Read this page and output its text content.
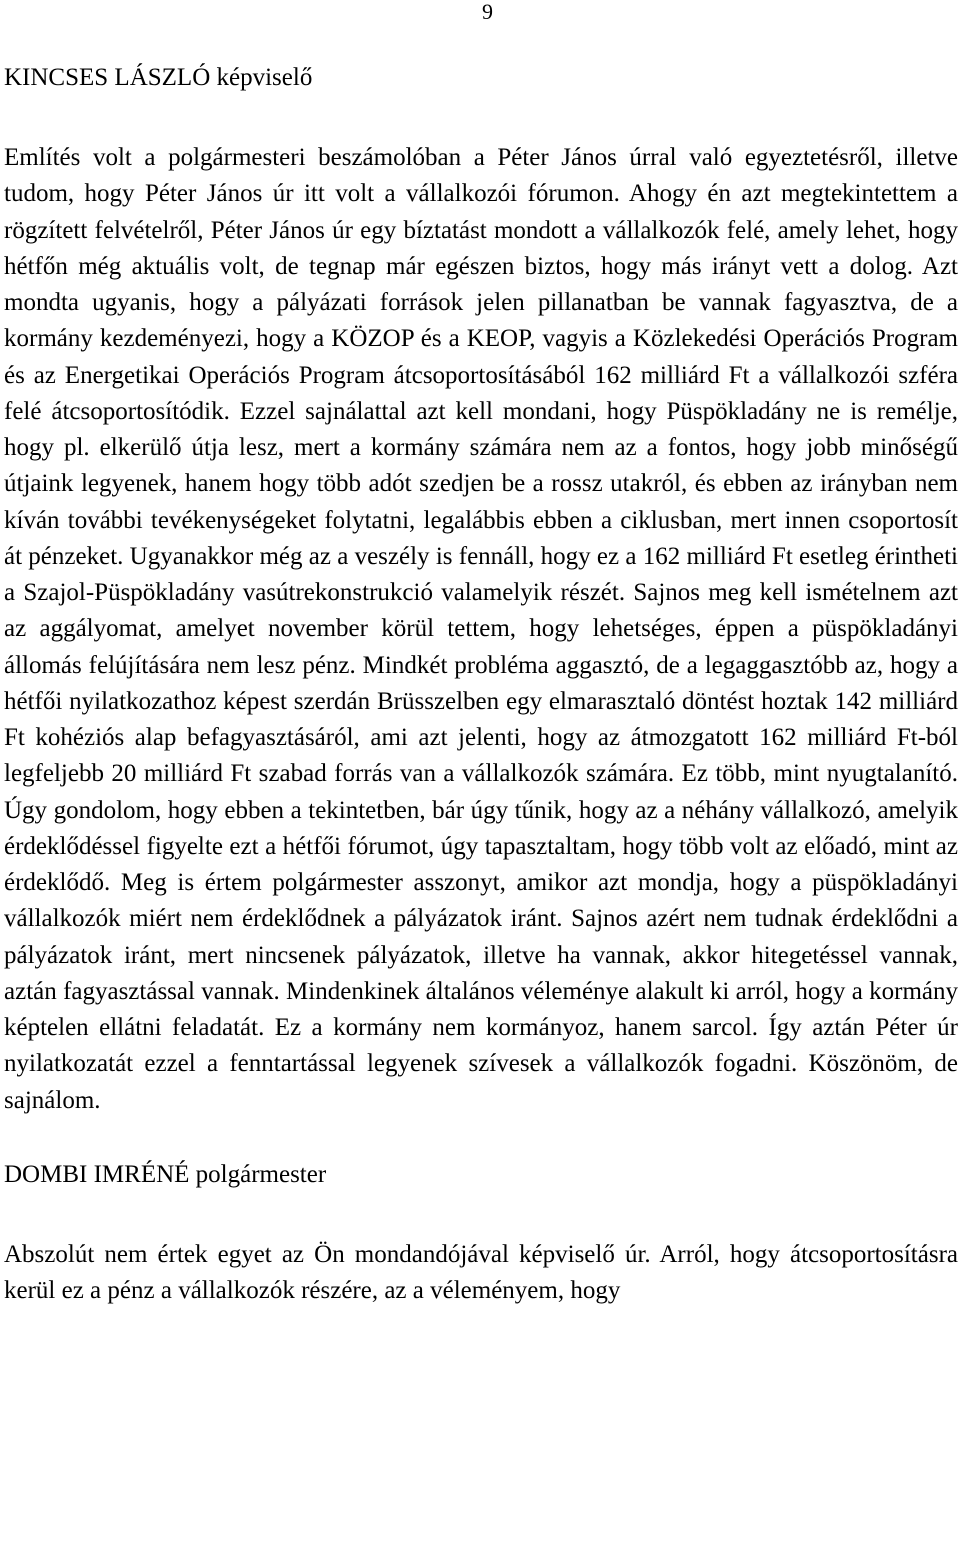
9

KINCSES LÁSZLÓ képviselő

Említés volt a polgármesteri beszámolóban a Péter János úrral való egyeztetésről, illetve tudom, hogy Péter János úr itt volt a vállalkozói fórumon. Ahogy én azt megtekintettem a rögzített felvételről, Péter János úr egy bíztatást mondott a vállalkozók felé, amely lehet, hogy hétfőn még aktuális volt, de tegnap már egészen biztos, hogy más irányt vett a dolog. Azt mondta ugyanis, hogy a pályázati források jelen pillanatban be vannak fagyasztva, de a kormány kezdeményezi, hogy a KÖZOP és a KEOP, vagyis a Közlekedési Operációs Program és az Energetikai Operációs Program átcsoportosításából 162 milliárd Ft a vállalkozói szféra felé átcsoportosítódik. Ezzel sajnálattal azt kell mondani, hogy Püspökladány ne is remélje, hogy pl. elkerülő útja lesz, mert a kormány számára nem az a fontos, hogy jobb minőségű útjaink legyenek, hanem hogy több adót szedjen be a rossz utakról, és ebben az irányban nem kíván további tevékenységeket folytatni, legalábbis ebben a ciklusban, mert innen csoportosít át pénzeket. Ugyanakkor még az a veszély is fennáll, hogy ez a 162 milliárd Ft esetleg érintheti a Szajol-Püspökladány vasútrekonstrukció valamelyik részét. Sajnos meg kell ismételnem azt az aggályomat, amelyet november körül tettem, hogy lehetséges, éppen a püspökladányi állomás felújítására nem lesz pénz. Mindkét probléma aggasztó, de a legaggasztóbb az, hogy a hétfői nyilatkozathoz képest szerdán Brüsszelben egy elmarasztaló döntést hoztak 142 milliárd Ft kohéziós alap befagyasztásáról, ami azt jelenti, hogy az átmozgatott 162 milliárd Ft-ból legfeljebb 20 milliárd Ft szabad forrás van a vállalkozók számára. Ez több, mint nyugtalanító. Úgy gondolom, hogy ebben a tekintetben, bár úgy tűnik, hogy az a néhány vállalkozó, amelyik érdeklődéssel figyelte ezt a hétfői fórumot, úgy tapasztaltam, hogy több volt az előadó, mint az érdeklődő. Meg is értem polgármester asszonyt, amikor azt mondja, hogy a püspökladányi vállalkozók miért nem érdeklődnek a pályázatok iránt. Sajnos azért nem tudnak érdeklődni a pályázatok iránt, mert nincsenek pályázatok, illetve ha vannak, akkor hitegetéssel vannak, aztán fagyasztással vannak. Mindenkinek általános véleménye alakult ki arról, hogy a kormány képtelen ellátni feladatát. Ez a kormány nem kormányoz, hanem sarcol. Így aztán Péter úr nyilatkozatát ezzel a fenntartással legyenek szívesek a vállalkozók fogadni. Köszönöm, de sajnálom.

DOMBI IMRÉNÉ polgármester

Abszolút nem értek egyet az Ön mondandójával képviselő úr. Arról, hogy átcsoportosításra kerül ez a pénz a vállalkozók részére, az a véleményem, hogy
